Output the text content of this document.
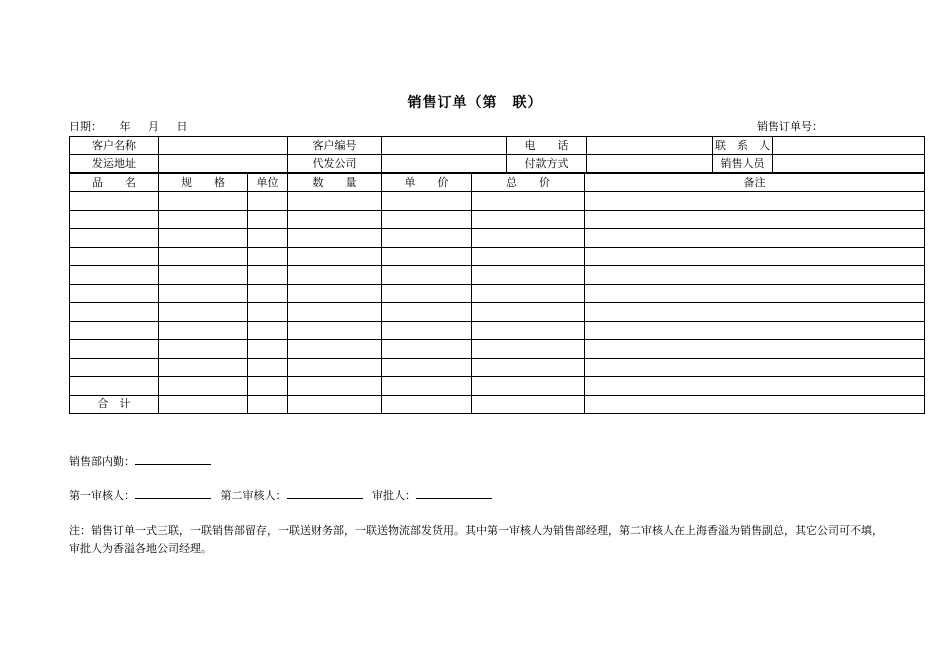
销售订单（第　联）
日期： 年 月 日	销售订单号：
客户名称		客户编号		电　　话		联　系　人	
发运地址		代发公司		付款方式		销售人员	
品　　名	规　　格	单位	数　　量	单　　价	总　　价	备注

合　计						
销售部内勤：
第一审核人：	第二审核人：	审批人：
注：销售订单一式三联，一联销售部留存，一联送财务部，一联送物流部发货用。其中第一审核人为销售部经理，第二审核人在上海香溢为销售副总，其它公司可不填，审批人为香溢各地公司经理。
